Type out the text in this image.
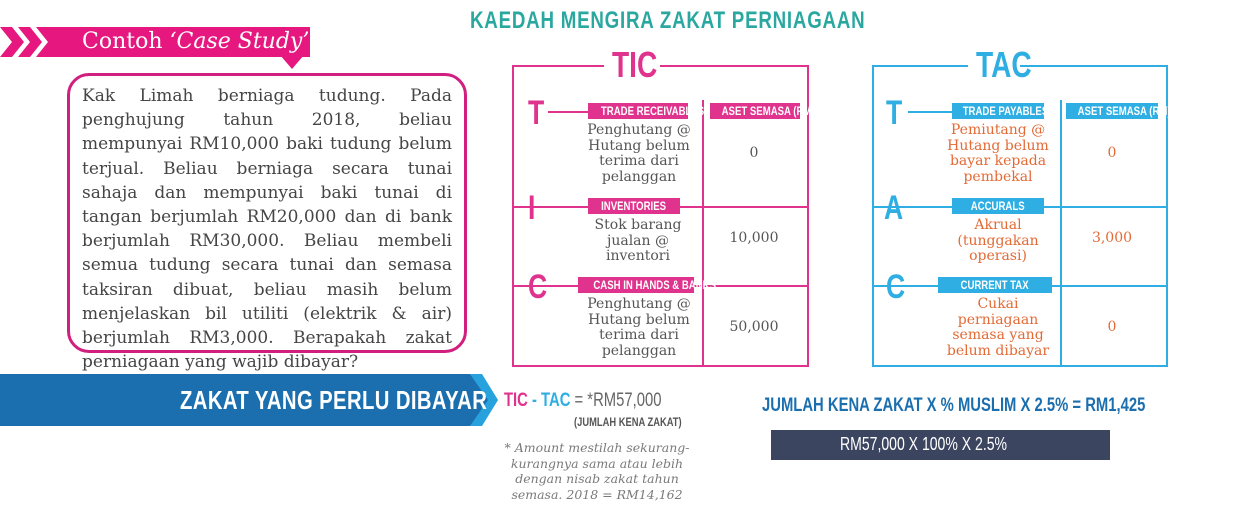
KAEDAH MENGIRA ZAKAT PERNIAGAAN
Contoh ‘Case Study’
Kak Limah berniaga tudung. Pada penghujung tahun 2018, beliau mempunyai RM10,000 baki tudung belum terjual. Beliau berniaga secara tunai sahaja dan mempunyai baki tunai di tangan berjumlah RM20,000 dan di bank berjumlah RM30,000. Beliau membeli semua tudung secara tunai dan semasa taksiran dibuat, beliau masih belum menjelaskan bil utiliti (elektrik & air) berjumlah RM3,000. Berapakah zakat perniagaan yang wajib dibayar?
ZAKAT YANG PERLU DIBAYAR TIC - TAC = *RM57,000
(JUMLAH KENA ZAKAT)
* Amount mestilah sekurang-kurangnya sama atau lebih dengan nisab zakat tahun semasa. 2018 = RM14,162
TIC
T
I
C
TRADE RECEIVABLES	ASET SEMASA (RM)
INVENTORIES
CASH IN HANDS & BANKS
Penghutang @ Hutang belum terima dari pelanggan
0
Stok barang jualan @ inventori
10,000
Penghutang @ Hutang belum terima dari pelanggan
50,000
TAC
T
A
C
TRADE PAYABLES	ASET SEMASA (RM)
ACCURALS
CURRENT TAX
Pemiutang @ Hutang belum bayar kepada pembekal
0
Akrual (tunggakan operasi)
3,000
Cukai perniagaan semasa yang belum dibayar
0
JUMLAH KENA ZAKAT X % MUSLIM X 2.5% = RM1,425
RM57,000 X 100% X 2.5%
